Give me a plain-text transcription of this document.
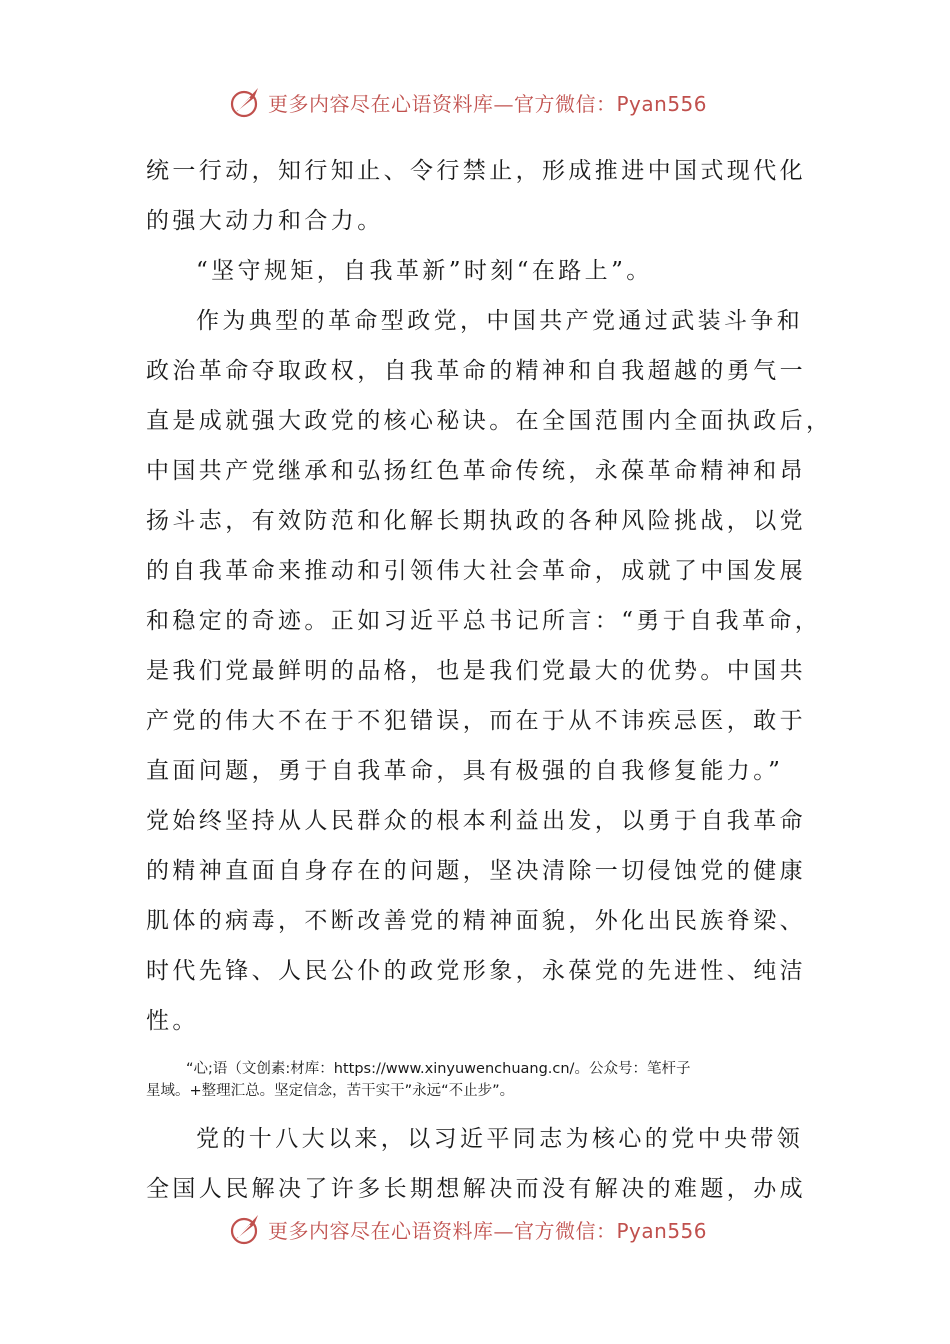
更多内容尽在心语资料库—官方微信：Pyan556
统一行动，知行知止、令行禁止，形成推进中国式现代化
的强大动力和合力。
“坚守规矩，自我革新”时刻“在路上”。
作为典型的革命型政党，中国共产党通过武装斗争和
政治革命夺取政权，自我革命的精神和自我超越的勇气一
直是成就强大政党的核心秘诀。在全国范围内全面执政后，
中国共产党继承和弘扬红色革命传统，永葆革命精神和昂
扬斗志，有效防范和化解长期执政的各种风险挑战，以党
的自我革命来推动和引领伟大社会革命，成就了中国发展
和稳定的奇迹。正如习近平总书记所言：“勇于自我革命，
是我们党最鲜明的品格，也是我们党最大的优势。中国共
产党的伟大不在于不犯错误，而在于从不讳疾忌医，敢于
直面问题，勇于自我革命，具有极强的自我修复能力。”
党始终坚持从人民群众的根本利益出发，以勇于自我革命
的精神直面自身存在的问题，坚决清除一切侵蚀党的健康
肌体的病毒，不断改善党的精神面貌，外化出民族脊梁、
时代先锋、人民公仆的政党形象，永葆党的先进性、纯洁
性。
“心;语（文创素:材库：https://www.xinyuwenchuang.cn/。公众号：笔杆子
星域。+整理汇总。坚定信念，苦干实干”永远“不止步”。
党的十八大以来，以习近平同志为核心的党中央带领
全国人民解决了许多长期想解决而没有解决的难题，办成
更多内容尽在心语资料库—官方微信：Pyan556
